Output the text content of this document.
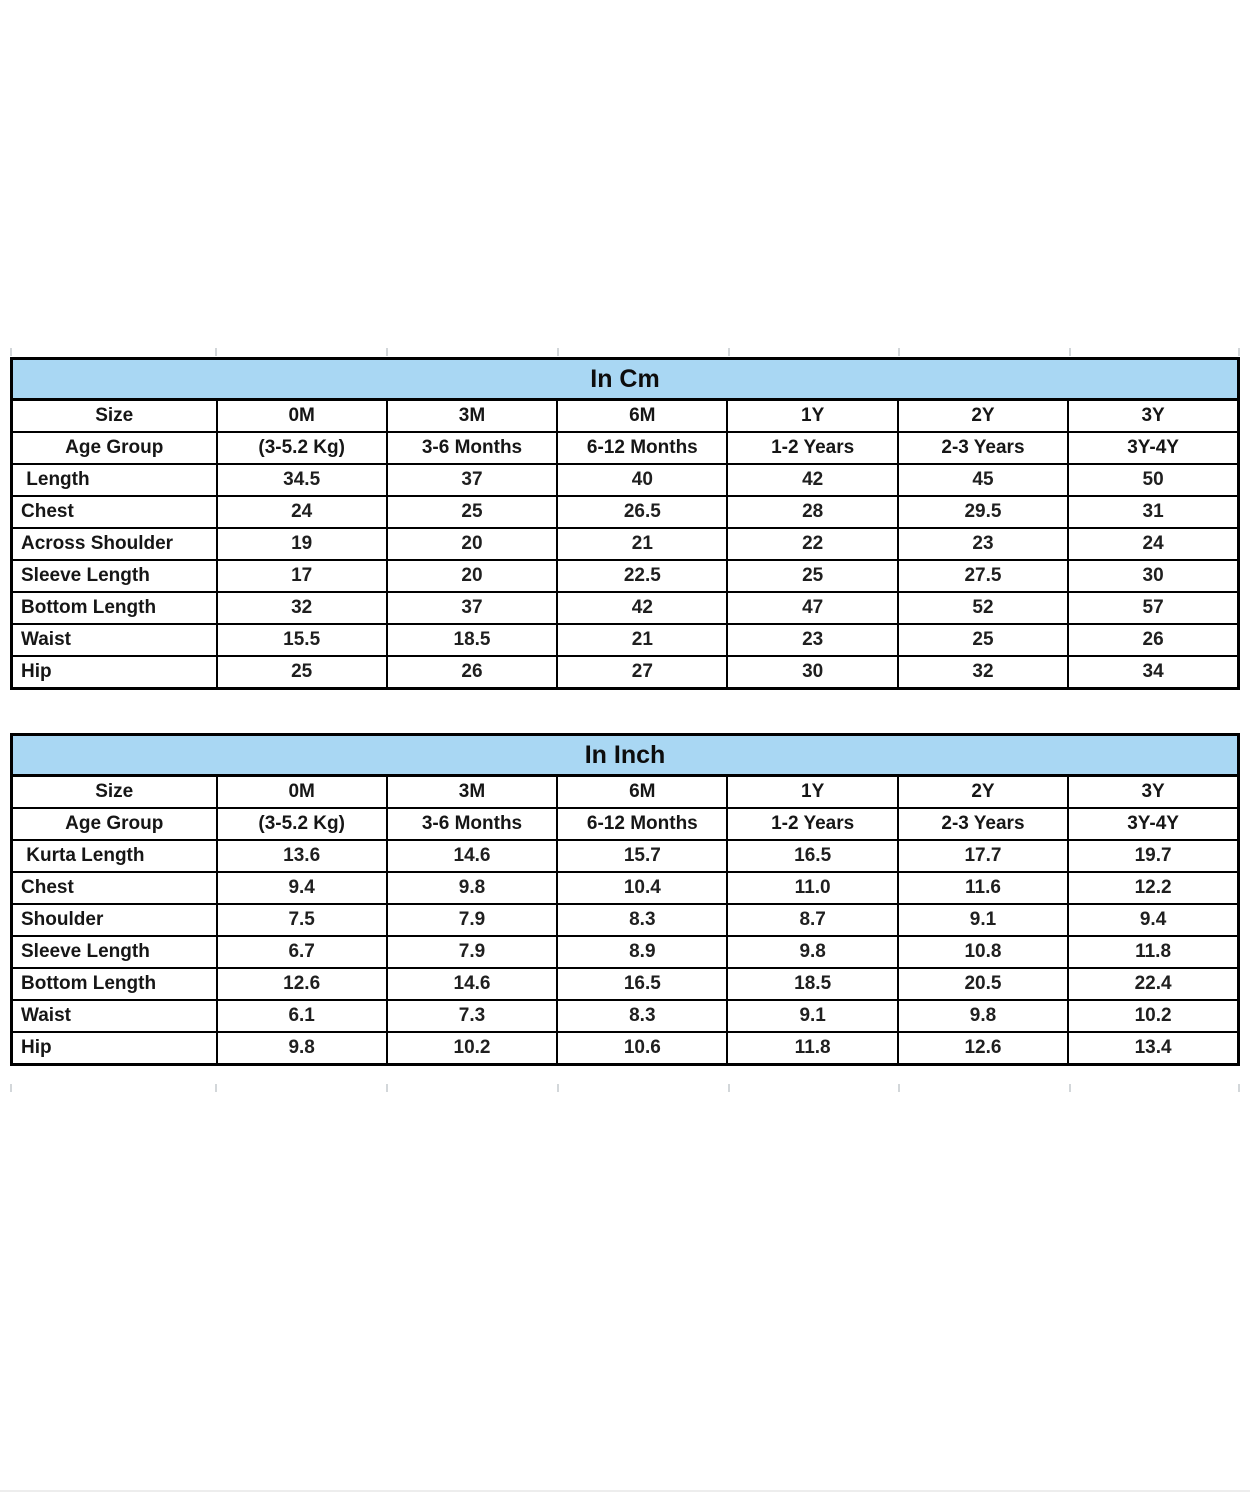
In Cm						
Size	0M	3M	6M	1Y	2Y	3Y
Age Group	(3-5.2 Kg)	3-6 Months	6-12 Months	1-2 Years	2-3 Years	3Y-4Y
Length	34.5	37	40	42	45	50
Chest	24	25	26.5	28	29.5	31
Across Shoulder	19	20	21	22	23	24
Sleeve Length	17	20	22.5	25	27.5	30
Bottom Length	32	37	42	47	52	57
Waist	15.5	18.5	21	23	25	26
Hip	25	26	27	30	32	34
In Inch						
Size	0M	3M	6M	1Y	2Y	3Y
Age Group	(3-5.2 Kg)	3-6 Months	6-12 Months	1-2 Years	2-3 Years	3Y-4Y
Kurta Length	13.6	14.6	15.7	16.5	17.7	19.7
Chest	9.4	9.8	10.4	11.0	11.6	12.2
Shoulder	7.5	7.9	8.3	8.7	9.1	9.4
Sleeve Length	6.7	7.9	8.9	9.8	10.8	11.8
Bottom Length	12.6	14.6	16.5	18.5	20.5	22.4
Waist	6.1	7.3	8.3	9.1	9.8	10.2
Hip	9.8	10.2	10.6	11.8	12.6	13.4
